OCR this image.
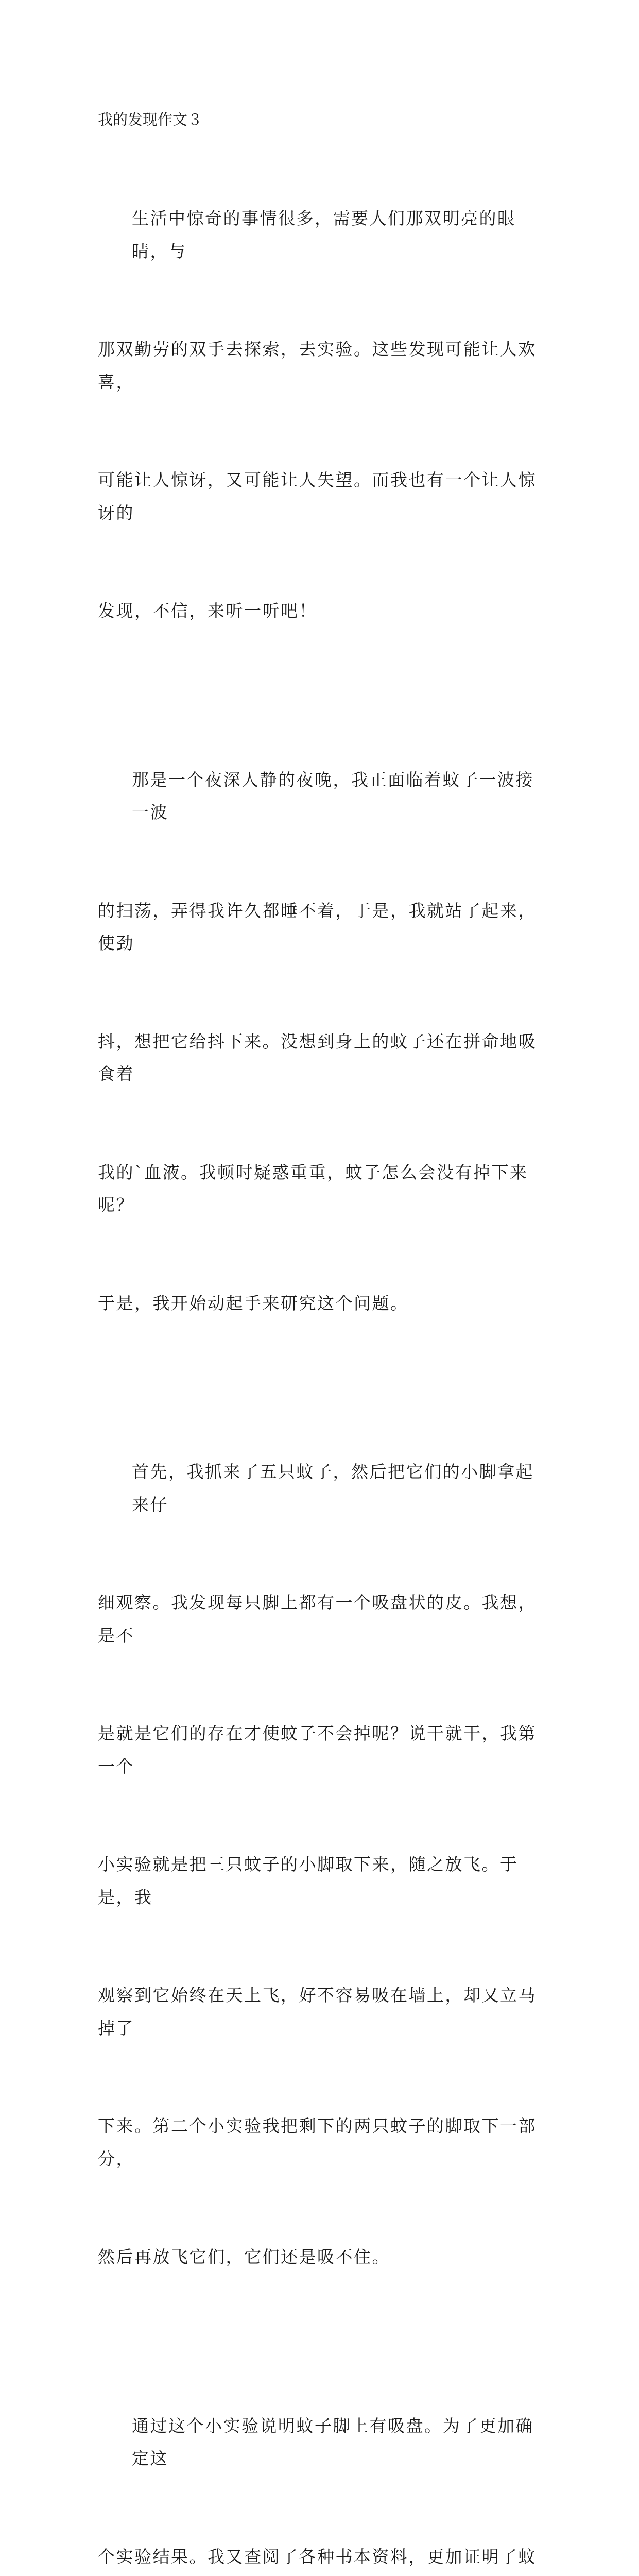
我的发现作文３

生活中惊奇的事情很多，需要人们那双明亮的眼睛，与

那双勤劳的双手去探索，去实验。这些发现可能让人欢喜，

可能让人惊讶，又可能让人失望。而我也有一个让人惊讶的

发现，不信，来听一听吧！

那是一个夜深人静的夜晚，我正面临着蚊子一波接一波

的扫荡，弄得我许久都睡不着，于是，我就站了起来，使劲

抖，想把它给抖下来。没想到身上的蚊子还在拼命地吸食着

我的`血液。我顿时疑惑重重，蚊子怎么会没有掉下来呢？

于是，我开始动起手来研究这个问题。

首先，我抓来了五只蚊子，然后把它们的小脚拿起来仔

细观察。我发现每只脚上都有一个吸盘状的皮。我想，是不

是就是它们的存在才使蚊子不会掉呢？说干就干，我第一个

小实验就是把三只蚊子的小脚取下来，随之放飞。于是，我

观察到它始终在天上飞，好不容易吸在墙上，却又立马掉了

下来。第二个小实验我把剩下的两只蚊子的脚取下一部分，

然后再放飞它们，它们还是吸不住。

通过这个小实验说明蚊子脚上有吸盘。为了更加确定这

个实验结果。我又查阅了各种书本资料，更加证明了蚊
